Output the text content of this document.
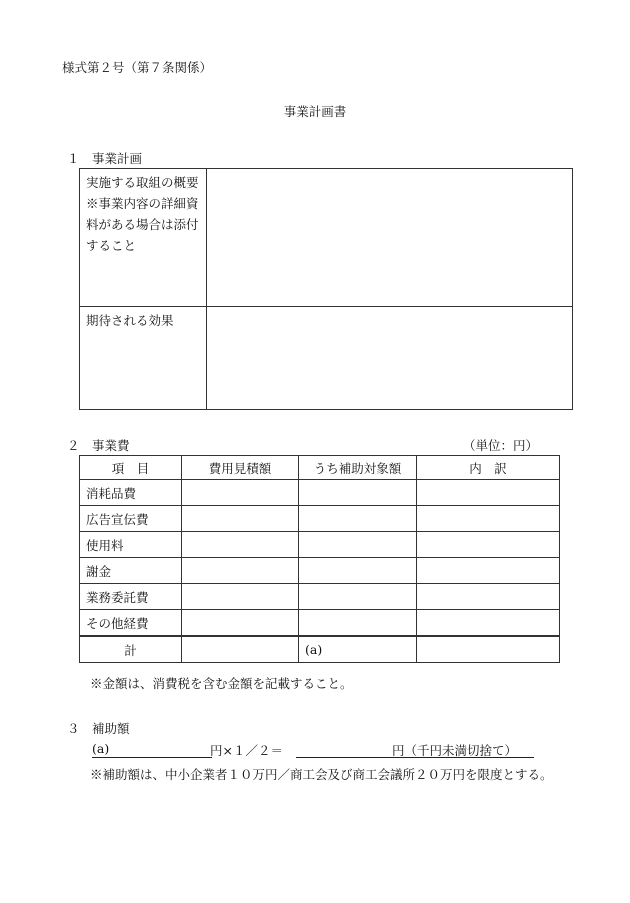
様式第２号（第７条関係）
事業計画書
１　事業計画
実施する取組の概要※事業内容の詳細資料がある場合は添付すること	
期待される効果	
２　事業費	（単位：円）
項　目	費用見積額	うち補助対象額	内　訳
消耗品費			
広告宣伝費			
使用料			
謝金			
業務委託費			
その他経費			
計		(a)	
※金額は、消費税を含む金額を記載すること。
３　補助額
(a)	円×１／２＝	円（千円未満切捨て）
※補助額は、中小企業者１０万円／商工会及び商工会議所２０万円を限度とする。
